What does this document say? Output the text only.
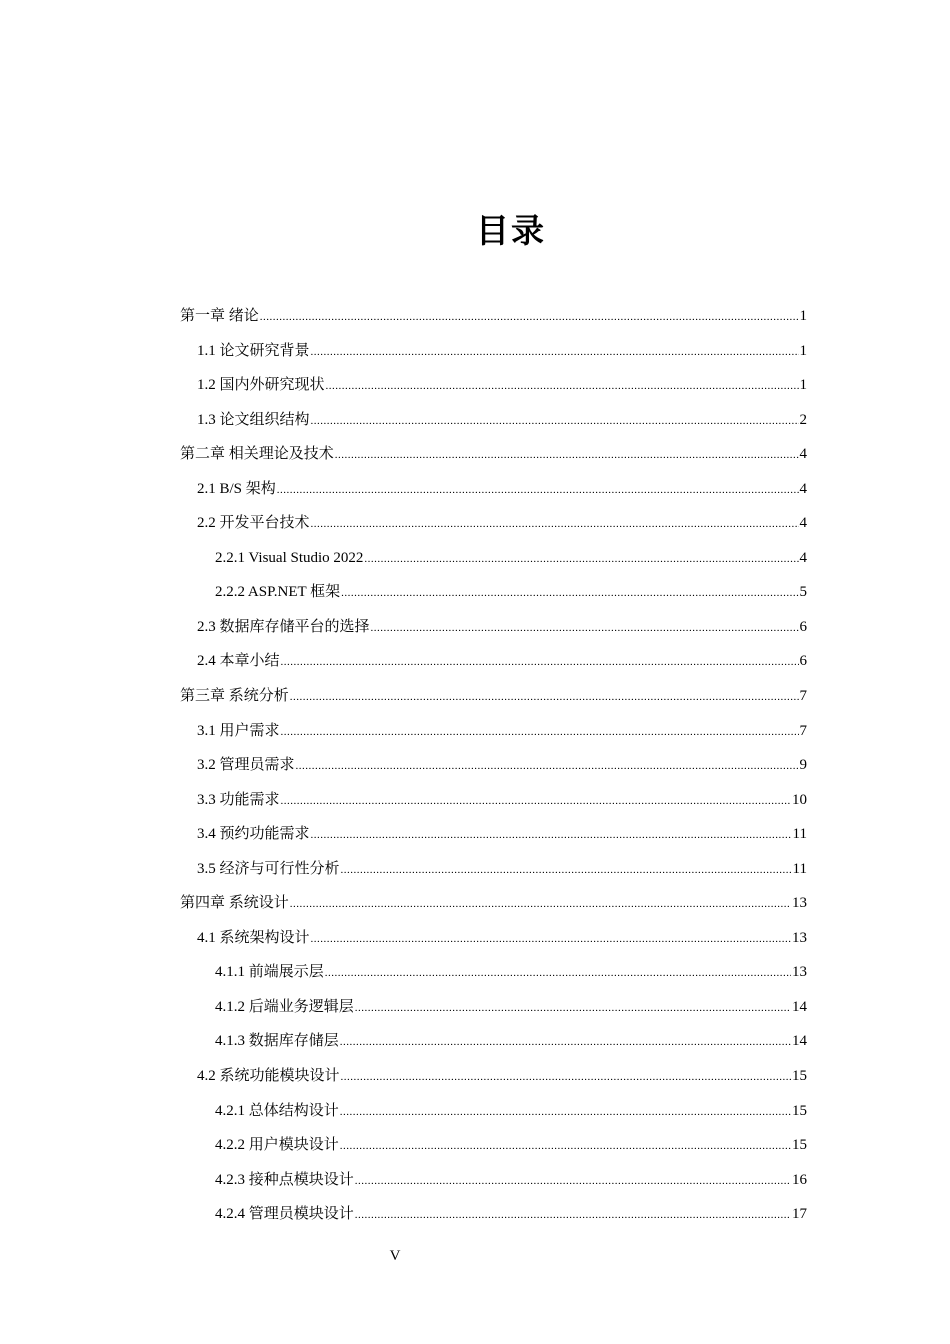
目录
第一章 绪论 .....	1
1.1 论文研究背景 .....	1
1.2 国内外研究现状 .....	1
1.3 论文组织结构 .....	2
第二章 相关理论及技术 .....	4
2.1 B/S 架构 .....	4
2.2 开发平台技术 .....	4
2.2.1 Visual Studio 2022 .....	4
2.2.2 ASP.NET 框架 .....	5
2.3 数据库存储平台的选择 .....	6
2.4 本章小结 .....	6
第三章 系统分析 .....	7
3.1 用户需求 .....	7
3.2 管理员需求 .....	9
3.3 功能需求 .....	10
3.4 预约功能需求 .....	11
3.5 经济与可行性分析 .....	11
第四章 系统设计 .....	13
4.1 系统架构设计 .....	13
4.1.1 前端展示层 .....	13
4.1.2 后端业务逻辑层 .....	14
4.1.3 数据库存储层 .....	14
4.2 系统功能模块设计 .....	15
4.2.1 总体结构设计 .....	15
4.2.2 用户模块设计 .....	15
4.2.3 接种点模块设计 .....	16
4.2.4 管理员模块设计 .....	17
V
